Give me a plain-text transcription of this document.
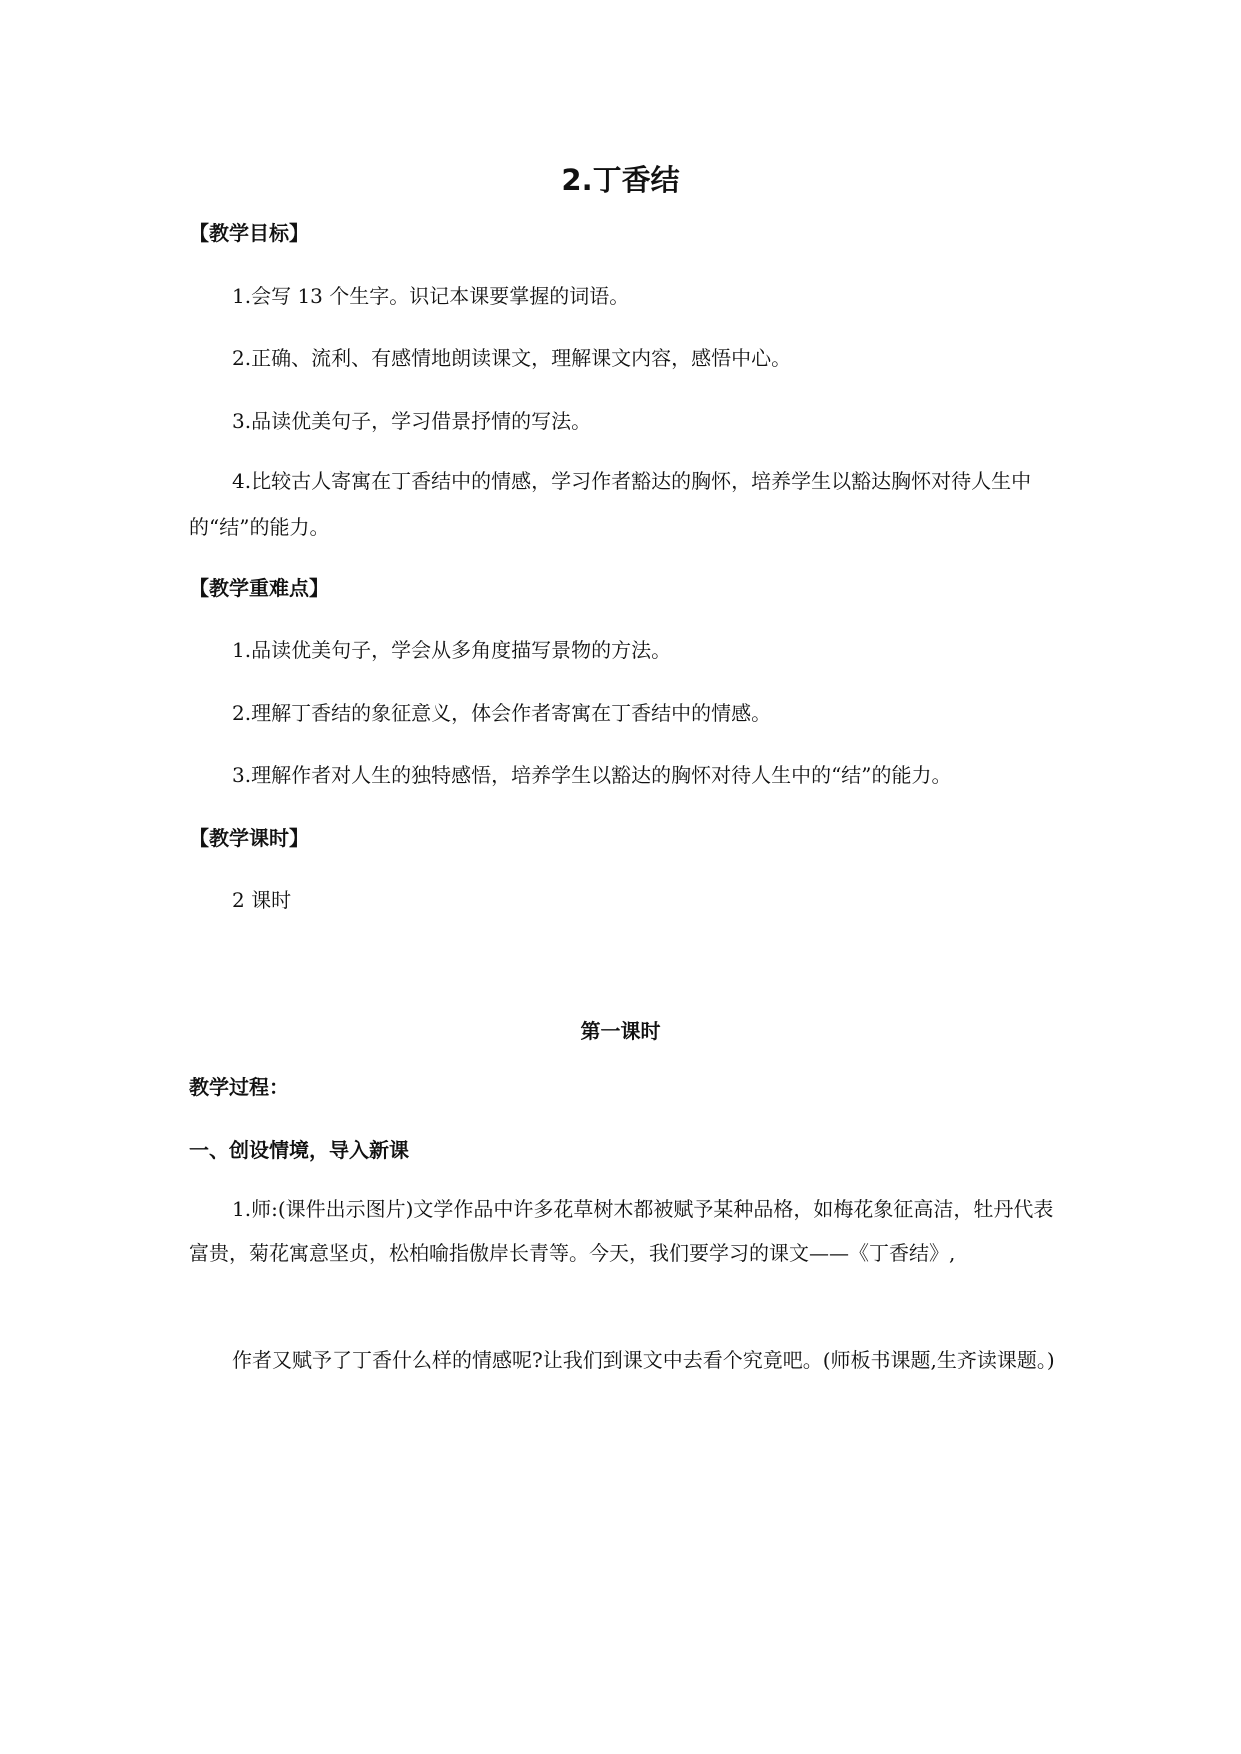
2.丁香结
【教学目标】
1.会写 13 个生字。识记本课要掌握的词语。
2.正确、流利、有感情地朗读课文，理解课文内容，感悟中心。
3.品读优美句子，学习借景抒情的写法。
4.比较古人寄寓在丁香结中的情感，学习作者豁达的胸怀，培养学生以豁达胸怀对待人生中的“结”的能力。
【教学重难点】
1.品读优美句子，学会从多角度描写景物的方法。
2.理解丁香结的象征意义，体会作者寄寓在丁香结中的情感。
3.理解作者对人生的独特感悟，培养学生以豁达的胸怀对待人生中的“结”的能力。
【教学课时】
2 课时
第一课时
教学过程：
一、创设情境，导入新课
1.师:(课件出示图片)文学作品中许多花草树木都被赋予某种品格，如梅花象征高洁，牡丹代表富贵，菊花寓意坚贞，松柏喻指傲岸长青等。今天，我们要学习的课文——《丁香结》,
作者又赋予了丁香什么样的情感呢?让我们到课文中去看个究竟吧。(师板书课题,生齐读课题。)
